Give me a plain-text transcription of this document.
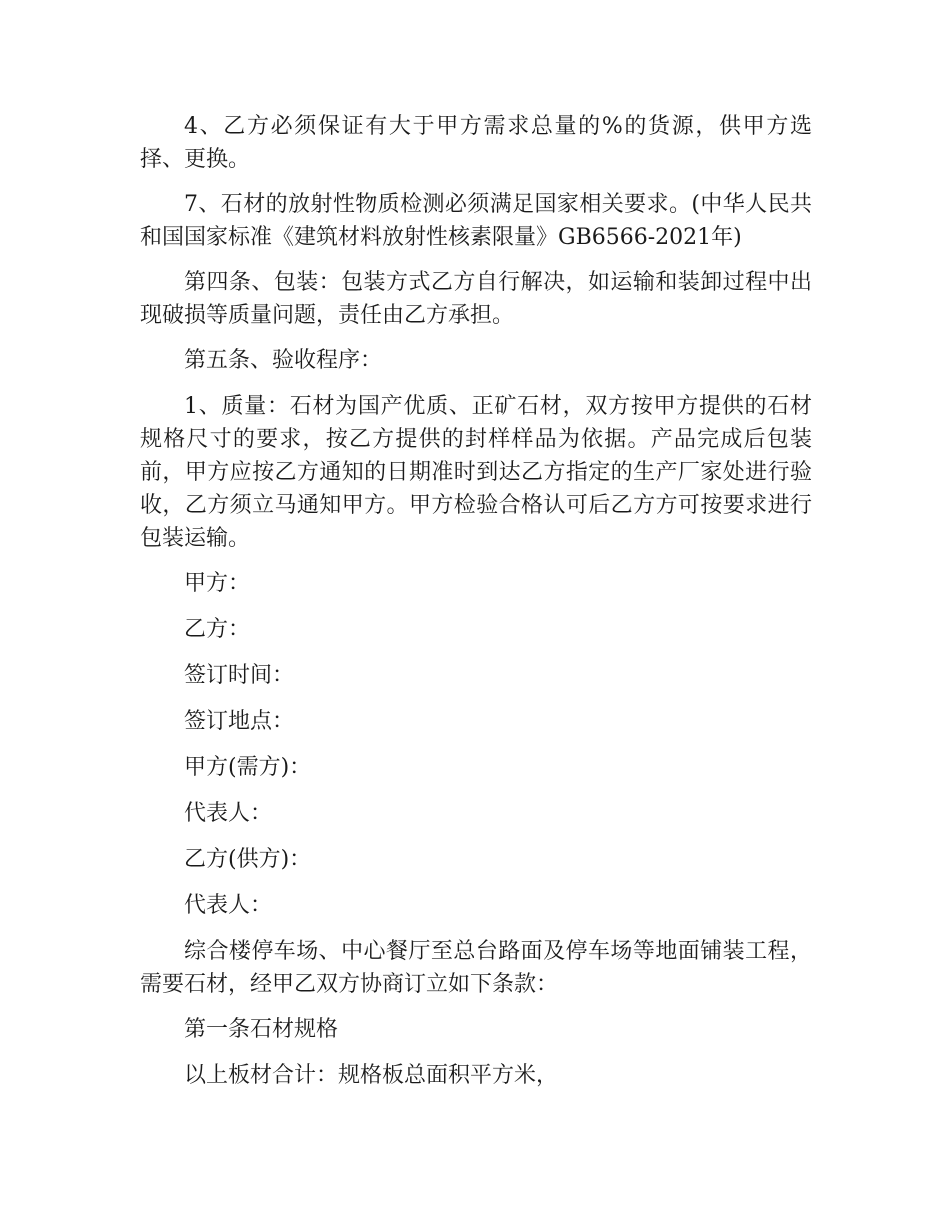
4、乙方必须保证有大于甲方需求总量的%的货源，供甲方选择、更换。

7、石材的放射性物质检测必须满足国家相关要求。(中华人民共和国国家标准《建筑材料放射性核素限量》GB6566-2021年)

第四条、包装：包装方式乙方自行解决，如运输和装卸过程中出现破损等质量问题，责任由乙方承担。

第五条、验收程序：

1、质量：石材为国产优质、正矿石材，双方按甲方提供的石材规格尺寸的要求，按乙方提供的封样样品为依据。产品完成后包装前，甲方应按乙方通知的日期准时到达乙方指定的生产厂家处进行验收，乙方须立马通知甲方。甲方检验合格认可后乙方方可按要求进行包装运输。

甲方：

乙方：

签订时间：

签订地点：

甲方(需方)：

代表人：

乙方(供方)：

代表人：

综合楼停车场、中心餐厅至总台路面及停车场等地面铺装工程，需要石材，经甲乙双方协商订立如下条款：

第一条石材规格

以上板材合计：规格板总面积平方米，
